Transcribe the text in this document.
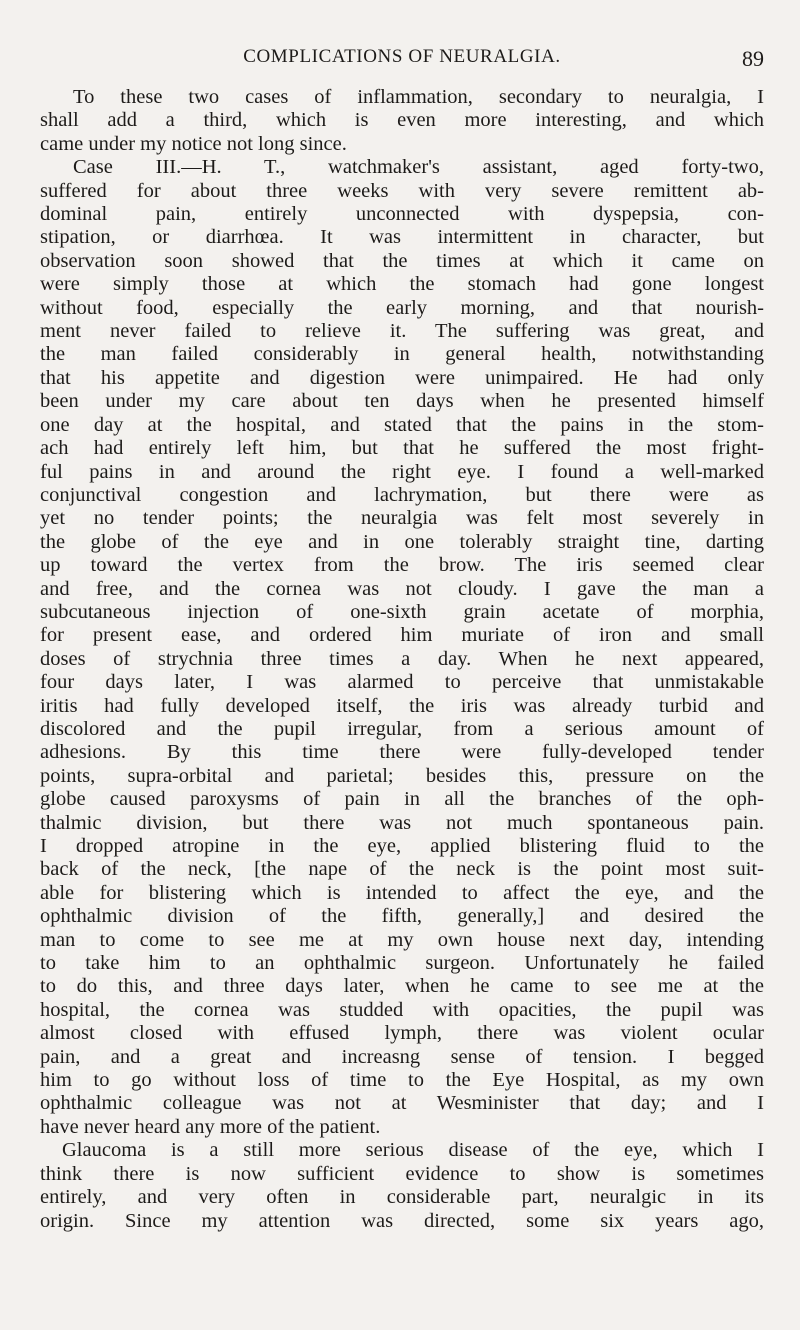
COMPLICATIONS OF NEURALGIA.	89
To these two cases of inflammation, secondary to neuralgia, I
shall add a third, which is even more interesting, and which
came under my notice not long since.
Case III.—H. T., watchmaker's assistant, aged forty-two,
suffered for about three weeks with very severe remittent ab-
dominal pain, entirely unconnected with dyspepsia, con-
stipation, or diarrhœa. It was intermittent in character, but
observation soon showed that the times at which it came on
were simply those at which the stomach had gone longest
without food, especially the early morning, and that nourish-
ment never failed to relieve it. The suffering was great, and
the man failed considerably in general health, notwithstanding
that his appetite and digestion were unimpaired. He had only
been under my care about ten days when he presented himself
one day at the hospital, and stated that the pains in the stom-
ach had entirely left him, but that he suffered the most fright-
ful pains in and around the right eye. I found a well-marked
conjunctival congestion and lachrymation, but there were as
yet no tender points; the neuralgia was felt most severely in
the globe of the eye and in one tolerably straight tine, darting
up toward the vertex from the brow. The iris seemed clear
and free, and the cornea was not cloudy. I gave the man a
subcutaneous injection of one-sixth grain acetate of morphia,
for present ease, and ordered him muriate of iron and small
doses of strychnia three times a day. When he next appeared,
four days later, I was alarmed to perceive that unmistakable
iritis had fully developed itself, the iris was already turbid and
discolored and the pupil irregular, from a serious amount of
adhesions. By this time there were fully-developed tender
points, supra-orbital and parietal; besides this, pressure on the
globe caused paroxysms of pain in all the branches of the oph-
thalmic division, but there was not much spontaneous pain.
I dropped atropine in the eye, applied blistering fluid to the
back of the neck, [the nape of the neck is the point most suit-
able for blistering which is intended to affect the eye, and the
ophthalmic division of the fifth, generally,] and desired the
man to come to see me at my own house next day, intending
to take him to an ophthalmic surgeon. Unfortunately he failed
to do this, and three days later, when he came to see me at the
hospital, the cornea was studded with opacities, the pupil was
almost closed with effused lymph, there was violent ocular
pain, and a great and increasng sense of tension. I begged
him to go without loss of time to the Eye Hospital, as my own
ophthalmic colleague was not at Wesminister that day; and I
have never heard any more of the patient.
Glaucoma is a still more serious disease of the eye, which I
think there is now sufficient evidence to show is sometimes
entirely, and very often in considerable part, neuralgic in its
origin. Since my attention was directed, some six years ago,
